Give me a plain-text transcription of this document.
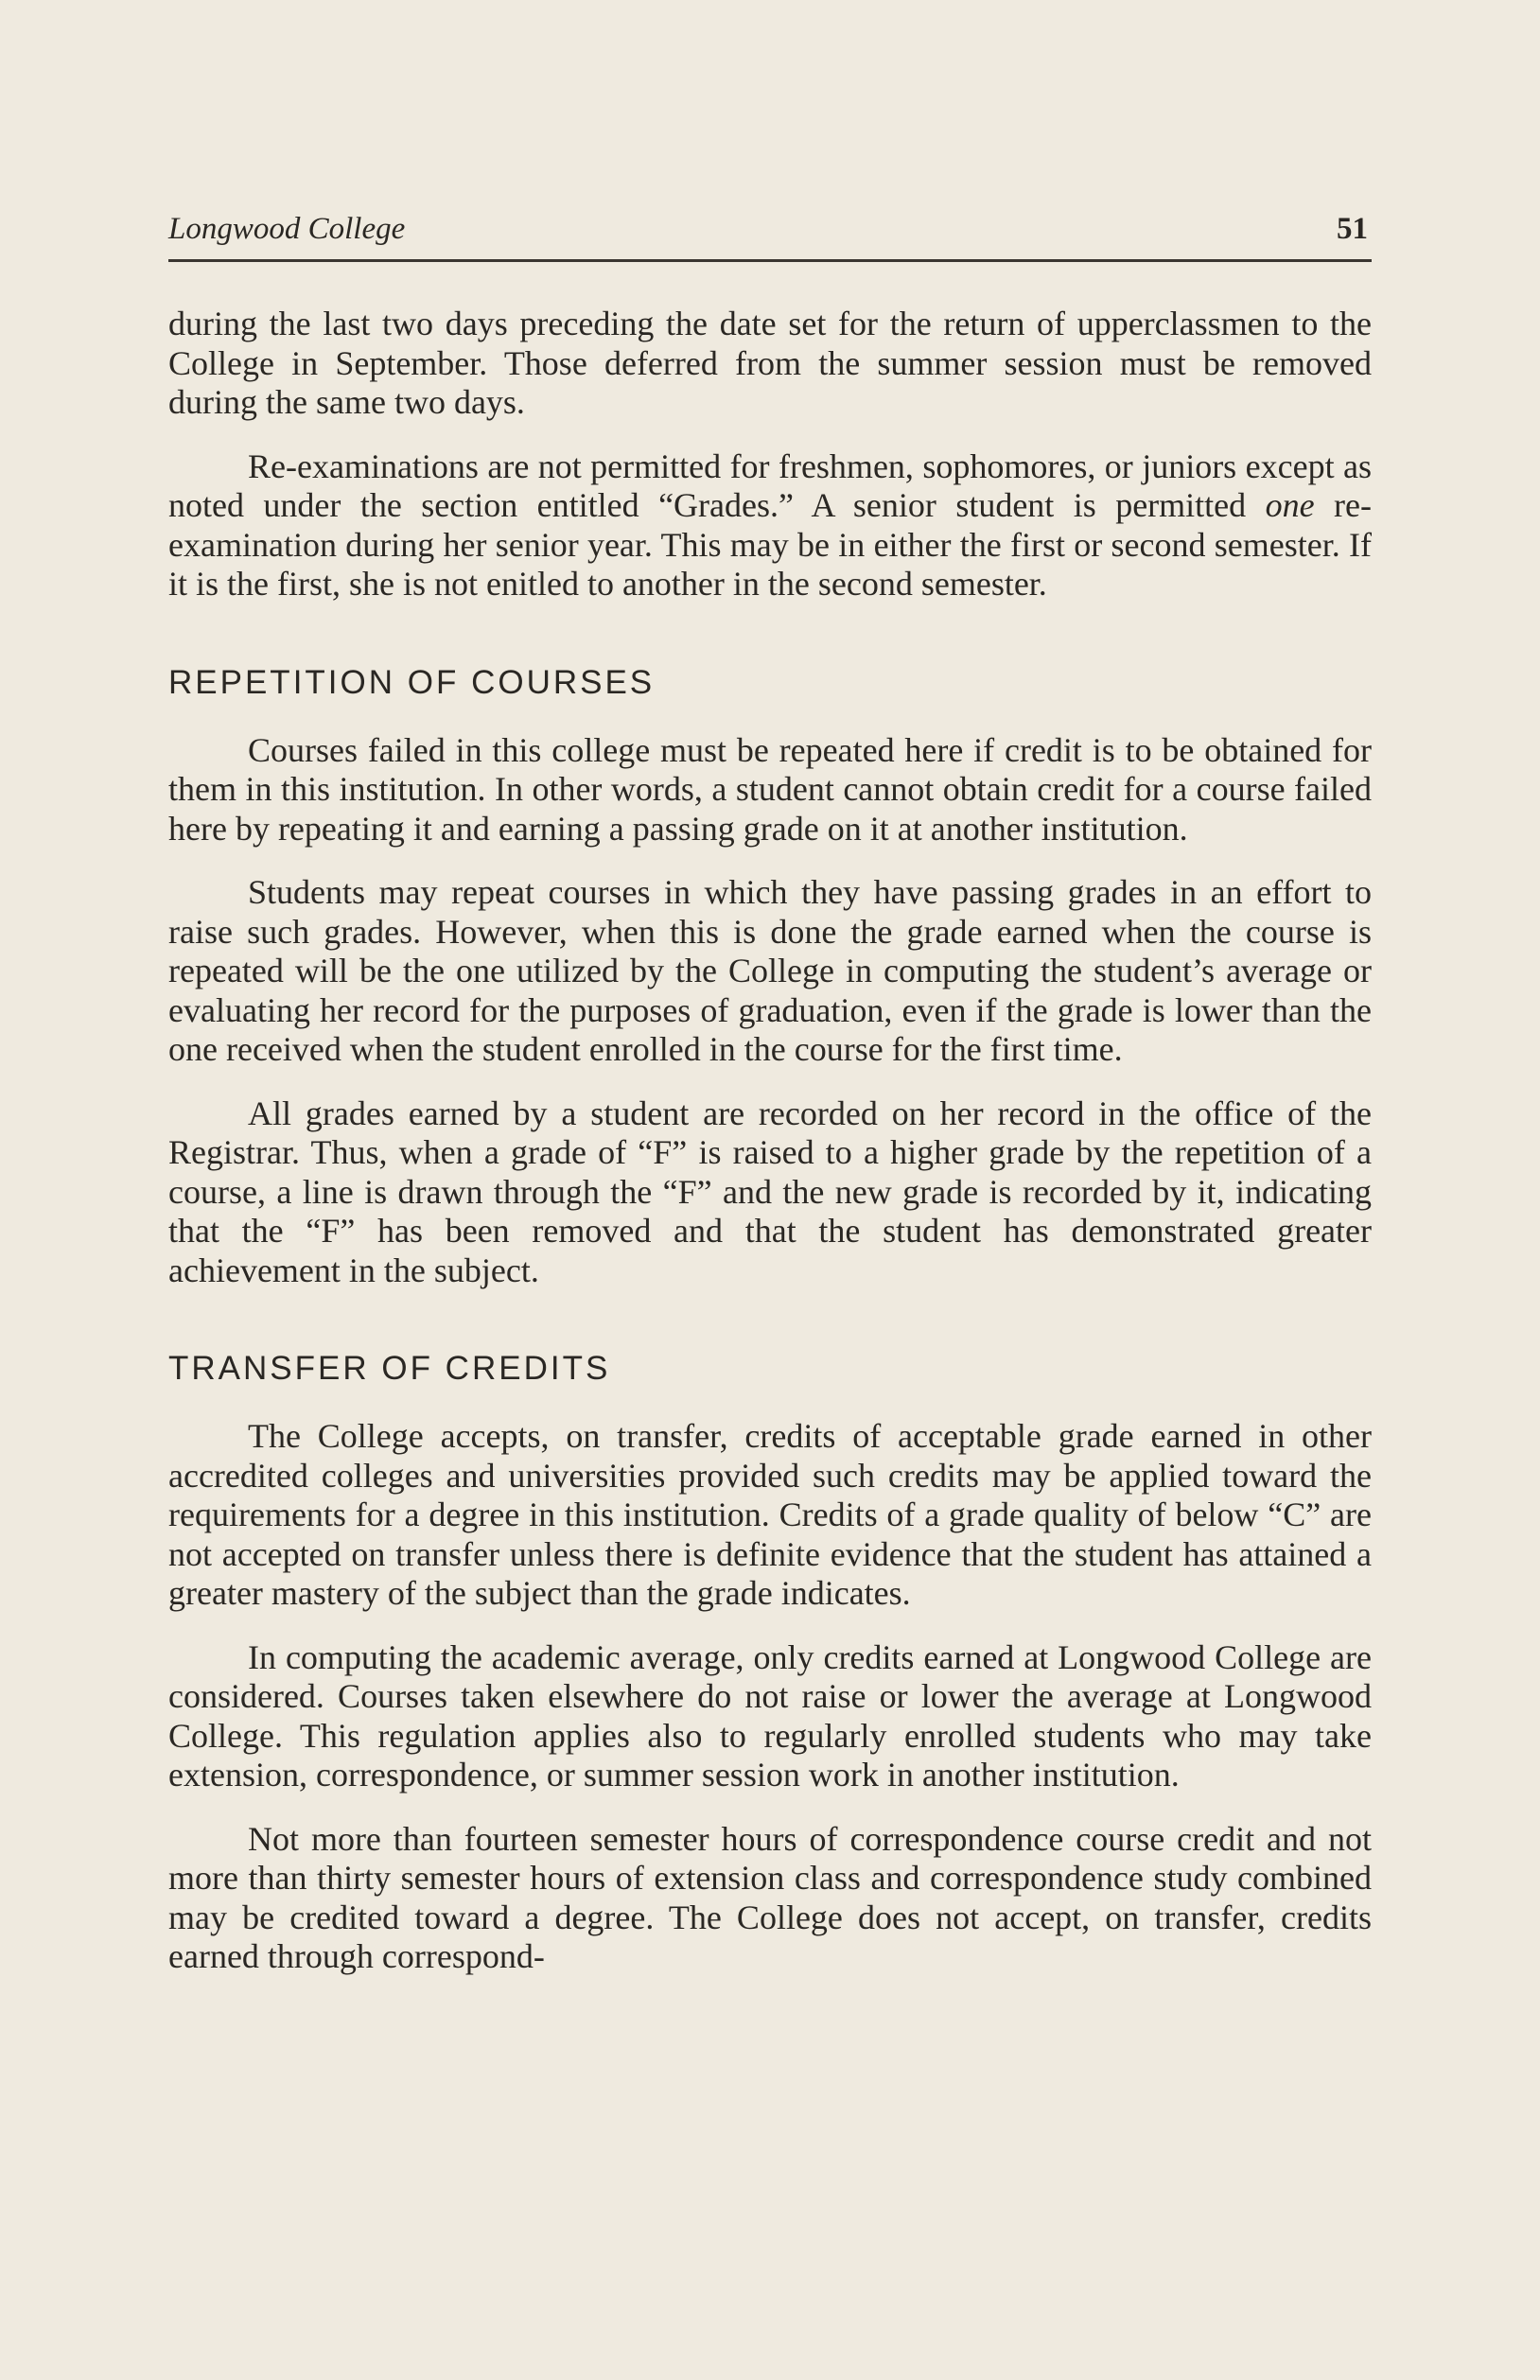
Longwood College	51

during the last two days preceding the date set for the return of upperclassmen to the College in September. Those deferred from the summer session must be removed during the same two days.

Re-examinations are not permitted for freshmen, sophomores, or juniors except as noted under the section entitled “Grades.” A senior student is permitted one re-examination during her senior year. This may be in either the first or second semester. If it is the first, she is not enitled to another in the second semester.

REPETITION OF COURSES

Courses failed in this college must be repeated here if credit is to be obtained for them in this institution. In other words, a student cannot obtain credit for a course failed here by repeating it and earning a passing grade on it at another institution.

Students may repeat courses in which they have passing grades in an effort to raise such grades. However, when this is done the grade earned when the course is repeated will be the one utilized by the College in computing the student’s average or evaluating her record for the purposes of graduation, even if the grade is lower than the one received when the student enrolled in the course for the first time.

All grades earned by a student are recorded on her record in the office of the Registrar. Thus, when a grade of “F” is raised to a higher grade by the repetition of a course, a line is drawn through the “F” and the new grade is recorded by it, indicating that the “F” has been removed and that the student has demonstrated greater achievement in the subject.

TRANSFER OF CREDITS

The College accepts, on transfer, credits of acceptable grade earned in other accredited colleges and universities provided such credits may be applied toward the requirements for a degree in this institution. Credits of a grade quality of below “C” are not accepted on transfer unless there is definite evidence that the student has attained a greater mastery of the subject than the grade indicates.

In computing the academic average, only credits earned at Longwood College are considered. Courses taken elsewhere do not raise or lower the average at Longwood College. This regulation applies also to regularly enrolled students who may take extension, correspondence, or summer session work in another institution.

Not more than fourteen semester hours of correspondence course credit and not more than thirty semester hours of extension class and correspondence study combined may be credited toward a degree. The College does not accept, on transfer, credits earned through correspond-
